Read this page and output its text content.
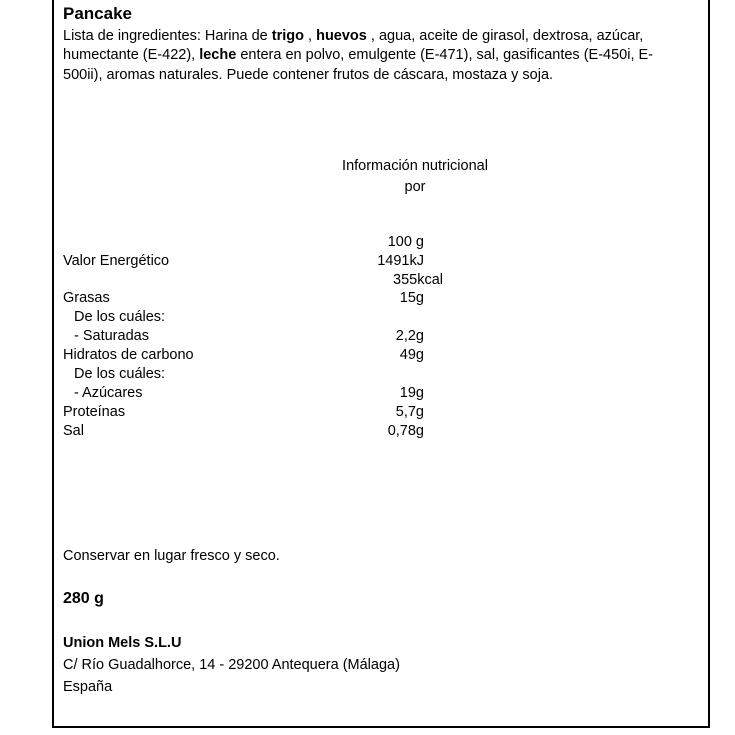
Pancake
Lista de ingredientes: Harina de trigo , huevos , agua, aceite de girasol, dextrosa, azúcar, humectante (E-422), leche entera en polvo, emulgente (E-471), sal, gasificantes (E-450i, E-500ii), aromas naturales. Puede contener frutos de cáscara, mostaza y soja.
Información nutricional
por
100 g
Valor Energético	1491kJ
355kcal
Grasas	15g
De los cuáles:
- Saturadas	2,2g
Hidratos de carbono	49g
De los cuáles:
- Azúcares	19g
Proteínas	5,7g
Sal	0,78g
Conservar en lugar fresco y seco.
280 g
Union Mels S.L.U
C/ Río Guadalhorce, 14 - 29200 Antequera (Málaga)
España
